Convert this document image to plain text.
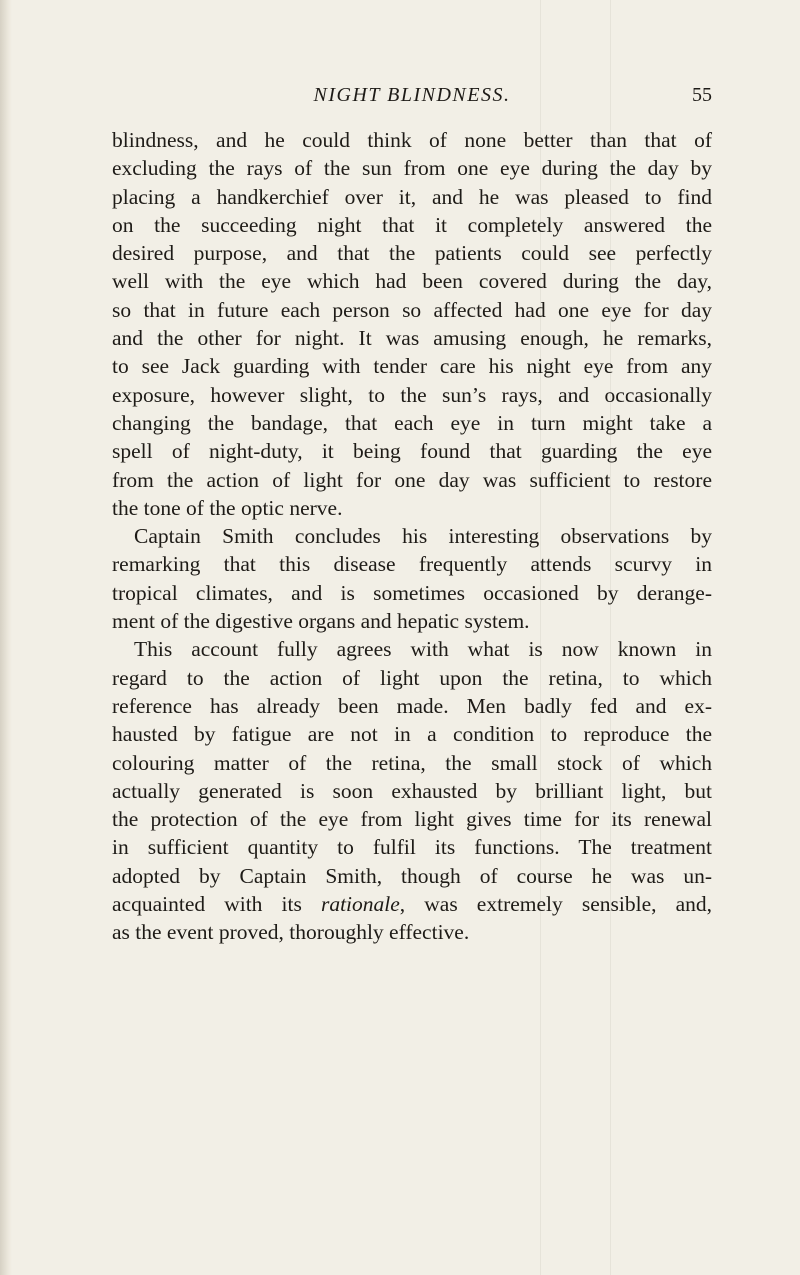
NIGHT BLINDNESS.	55
blindness, and he could think of none better than that of
excluding the rays of the sun from one eye during the day by
placing a handkerchief over it, and he was pleased to find
on the succeeding night that it completely answered the
desired purpose, and that the patients could see perfectly
well with the eye which had been covered during the day,
so that in future each person so affected had one eye for day
and the other for night. It was amusing enough, he remarks,
to see Jack guarding with tender care his night eye from any
exposure, however slight, to the sun’s rays, and occasionally
changing the bandage, that each eye in turn might take a
spell of night-duty, it being found that guarding the eye
from the action of light for one day was sufficient to restore
the tone of the optic nerve.
Captain Smith concludes his interesting observations by
remarking that this disease frequently attends scurvy in
tropical climates, and is sometimes occasioned by derange-
ment of the digestive organs and hepatic system.
This account fully agrees with what is now known in
regard to the action of light upon the retina, to which
reference has already been made. Men badly fed and ex-
hausted by fatigue are not in a condition to reproduce the
colouring matter of the retina, the small stock of which
actually generated is soon exhausted by brilliant light, but
the protection of the eye from light gives time for its renewal
in sufficient quantity to fulfil its functions. The treatment
adopted by Captain Smith, though of course he was un-
acquainted with its rationale, was extremely sensible, and,
as the event proved, thoroughly effective.
